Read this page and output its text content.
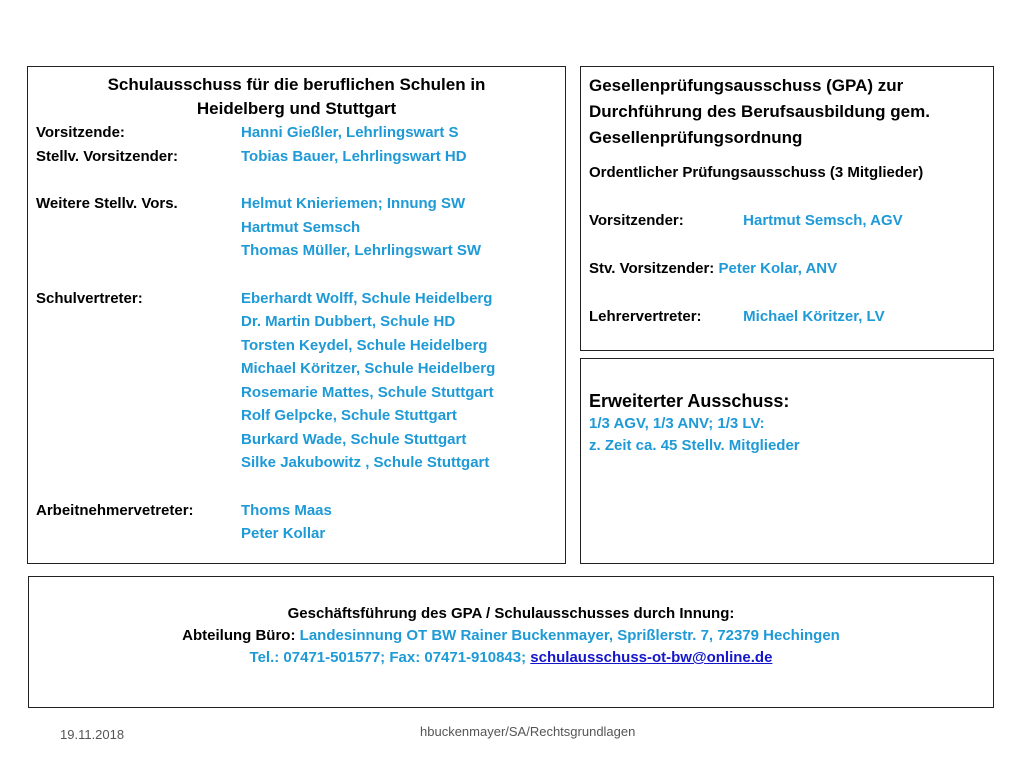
Schulausschuss für die beruflichen Schulen in
Heidelberg und Stuttgart
Vorsitzende:	Hanni Gießler, Lehrlingswart S
Stellv. Vorsitzender:	Tobias Bauer, Lehrlingswart HD
Weitere Stellv. Vors.	Helmut Knieriemen; Innung SW
Hartmut Semsch
Thomas Müller, Lehrlingswart SW
Schulvertreter:	Eberhardt Wolff, Schule Heidelberg
Dr. Martin Dubbert, Schule HD
Torsten Keydel, Schule Heidelberg
Michael Köritzer, Schule Heidelberg
Rosemarie Mattes, Schule Stuttgart
Rolf Gelpcke, Schule Stuttgart
Burkard Wade, Schule Stuttgart
Silke Jakubowitz , Schule Stuttgart
Arbeitnehmervetreter:	Thoms Maas
Peter Kollar
Gesellenprüfungsausschuss (GPA) zur
Durchführung des Berufsausbildung gem.
Gesellenprüfungsordnung
Ordentlicher Prüfungsausschuss (3 Mitglieder)
Vorsitzender:	Hartmut Semsch, AGV
Stv. Vorsitzender: Peter Kolar, ANV
Lehrervertreter:	Michael Köritzer, LV
Erweiterter Ausschuss:
1/3 AGV, 1/3 ANV; 1/3 LV:
z. Zeit ca. 45 Stellv. Mitglieder
Geschäftsführung des GPA / Schulausschusses durch Innung:
Abteilung Büro: Landesinnung OT BW Rainer Buckenmayer, Sprißlerstr. 7, 72379 Hechingen
Tel.: 07471-501577; Fax: 07471-910843; schulausschuss-ot-bw@online.de
19.11.2018	hbuckenmayer/SA/Rechtsgrundlagen
